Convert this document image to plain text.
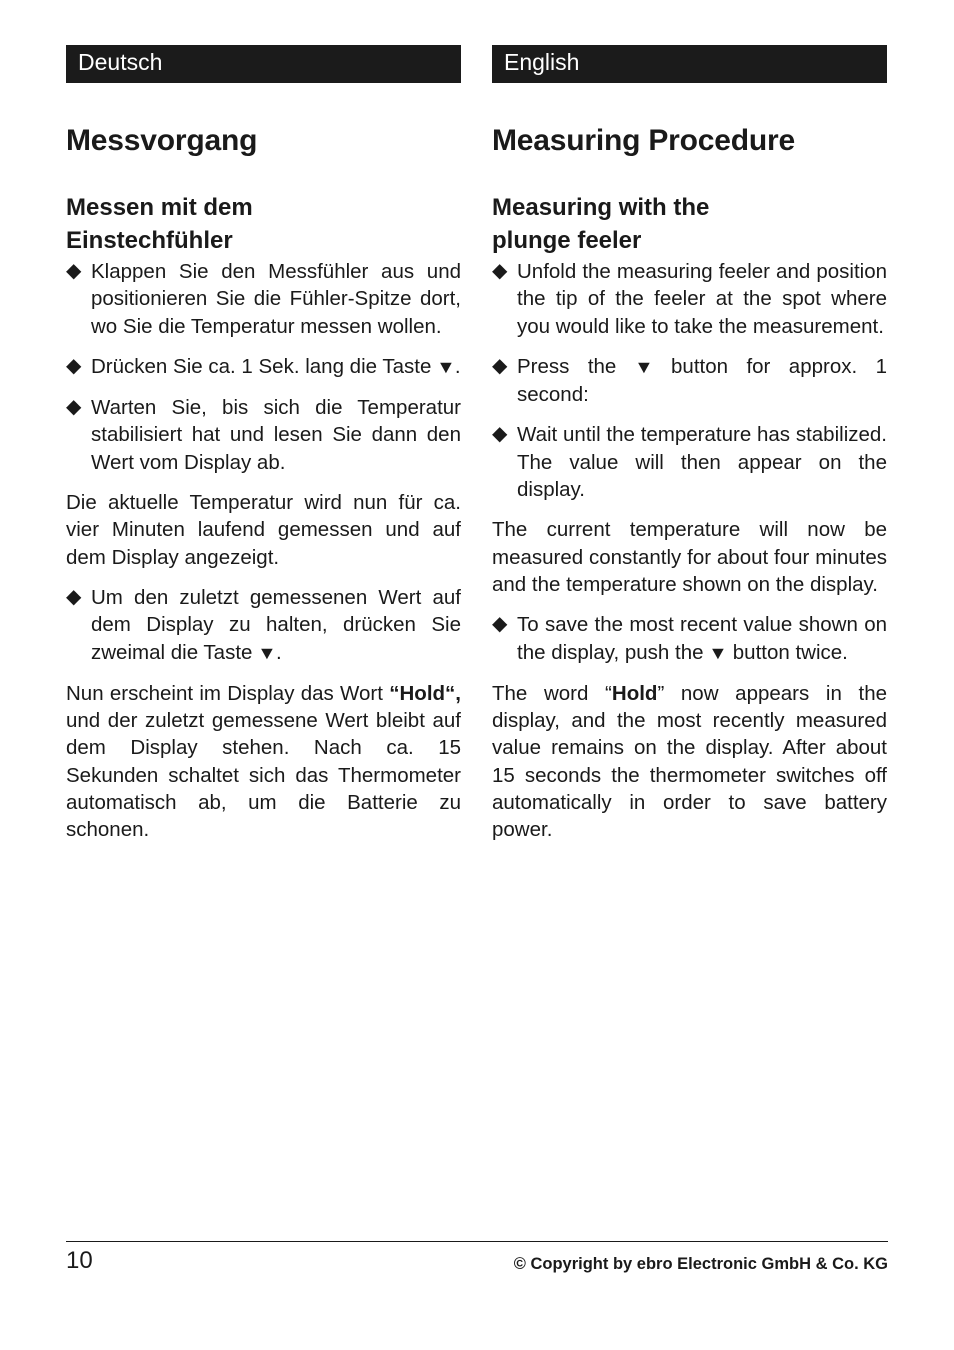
Deutsch
Messvorgang
Messen mit dem
Einstechfühler

◆ Klappen Sie den Messfühler aus und positionieren Sie die Fühler-Spitze dort, wo Sie die Temperatur messen wollen.

◆ Drücken Sie ca. 1 Sek. lang die Taste ▼.

◆ Warten Sie, bis sich die Temperatur stabilisiert hat und lesen Sie dann den Wert vom Display ab.

Die aktuelle Temperatur wird nun für ca. vier Minuten laufend gemessen und auf dem Display angezeigt.

◆ Um den zuletzt gemessenen Wert auf dem Display zu halten, drücken Sie zweimal die Taste ▼.

Nun erscheint im Display das Wort “Hold“, und der zuletzt gemessene Wert bleibt auf dem Display stehen. Nach ca. 15 Sekunden schaltet sich das Thermometer automatisch ab, um die Batterie zu schonen.

English
Measuring Procedure
Measuring with the
plunge feeler

◆ Unfold the measuring feeler and position the tip of the feeler at the spot where you would like to take the measurement.

◆ Press the ▼ button for approx. 1 second:

◆ Wait until the temperature has stabilized. The value will then appear on the display.

The current temperature will now be measured constantly for about four minutes and the temperature shown on the display.

◆ To save the most recent value shown on the display, push the ▼ button twice.

The word “Hold” now appears in the display, and the most recently measured value remains on the display. After about 15 seconds the thermometer switches off automatically in order to save battery power.

10	© Copyright by ebro Electronic GmbH & Co. KG
